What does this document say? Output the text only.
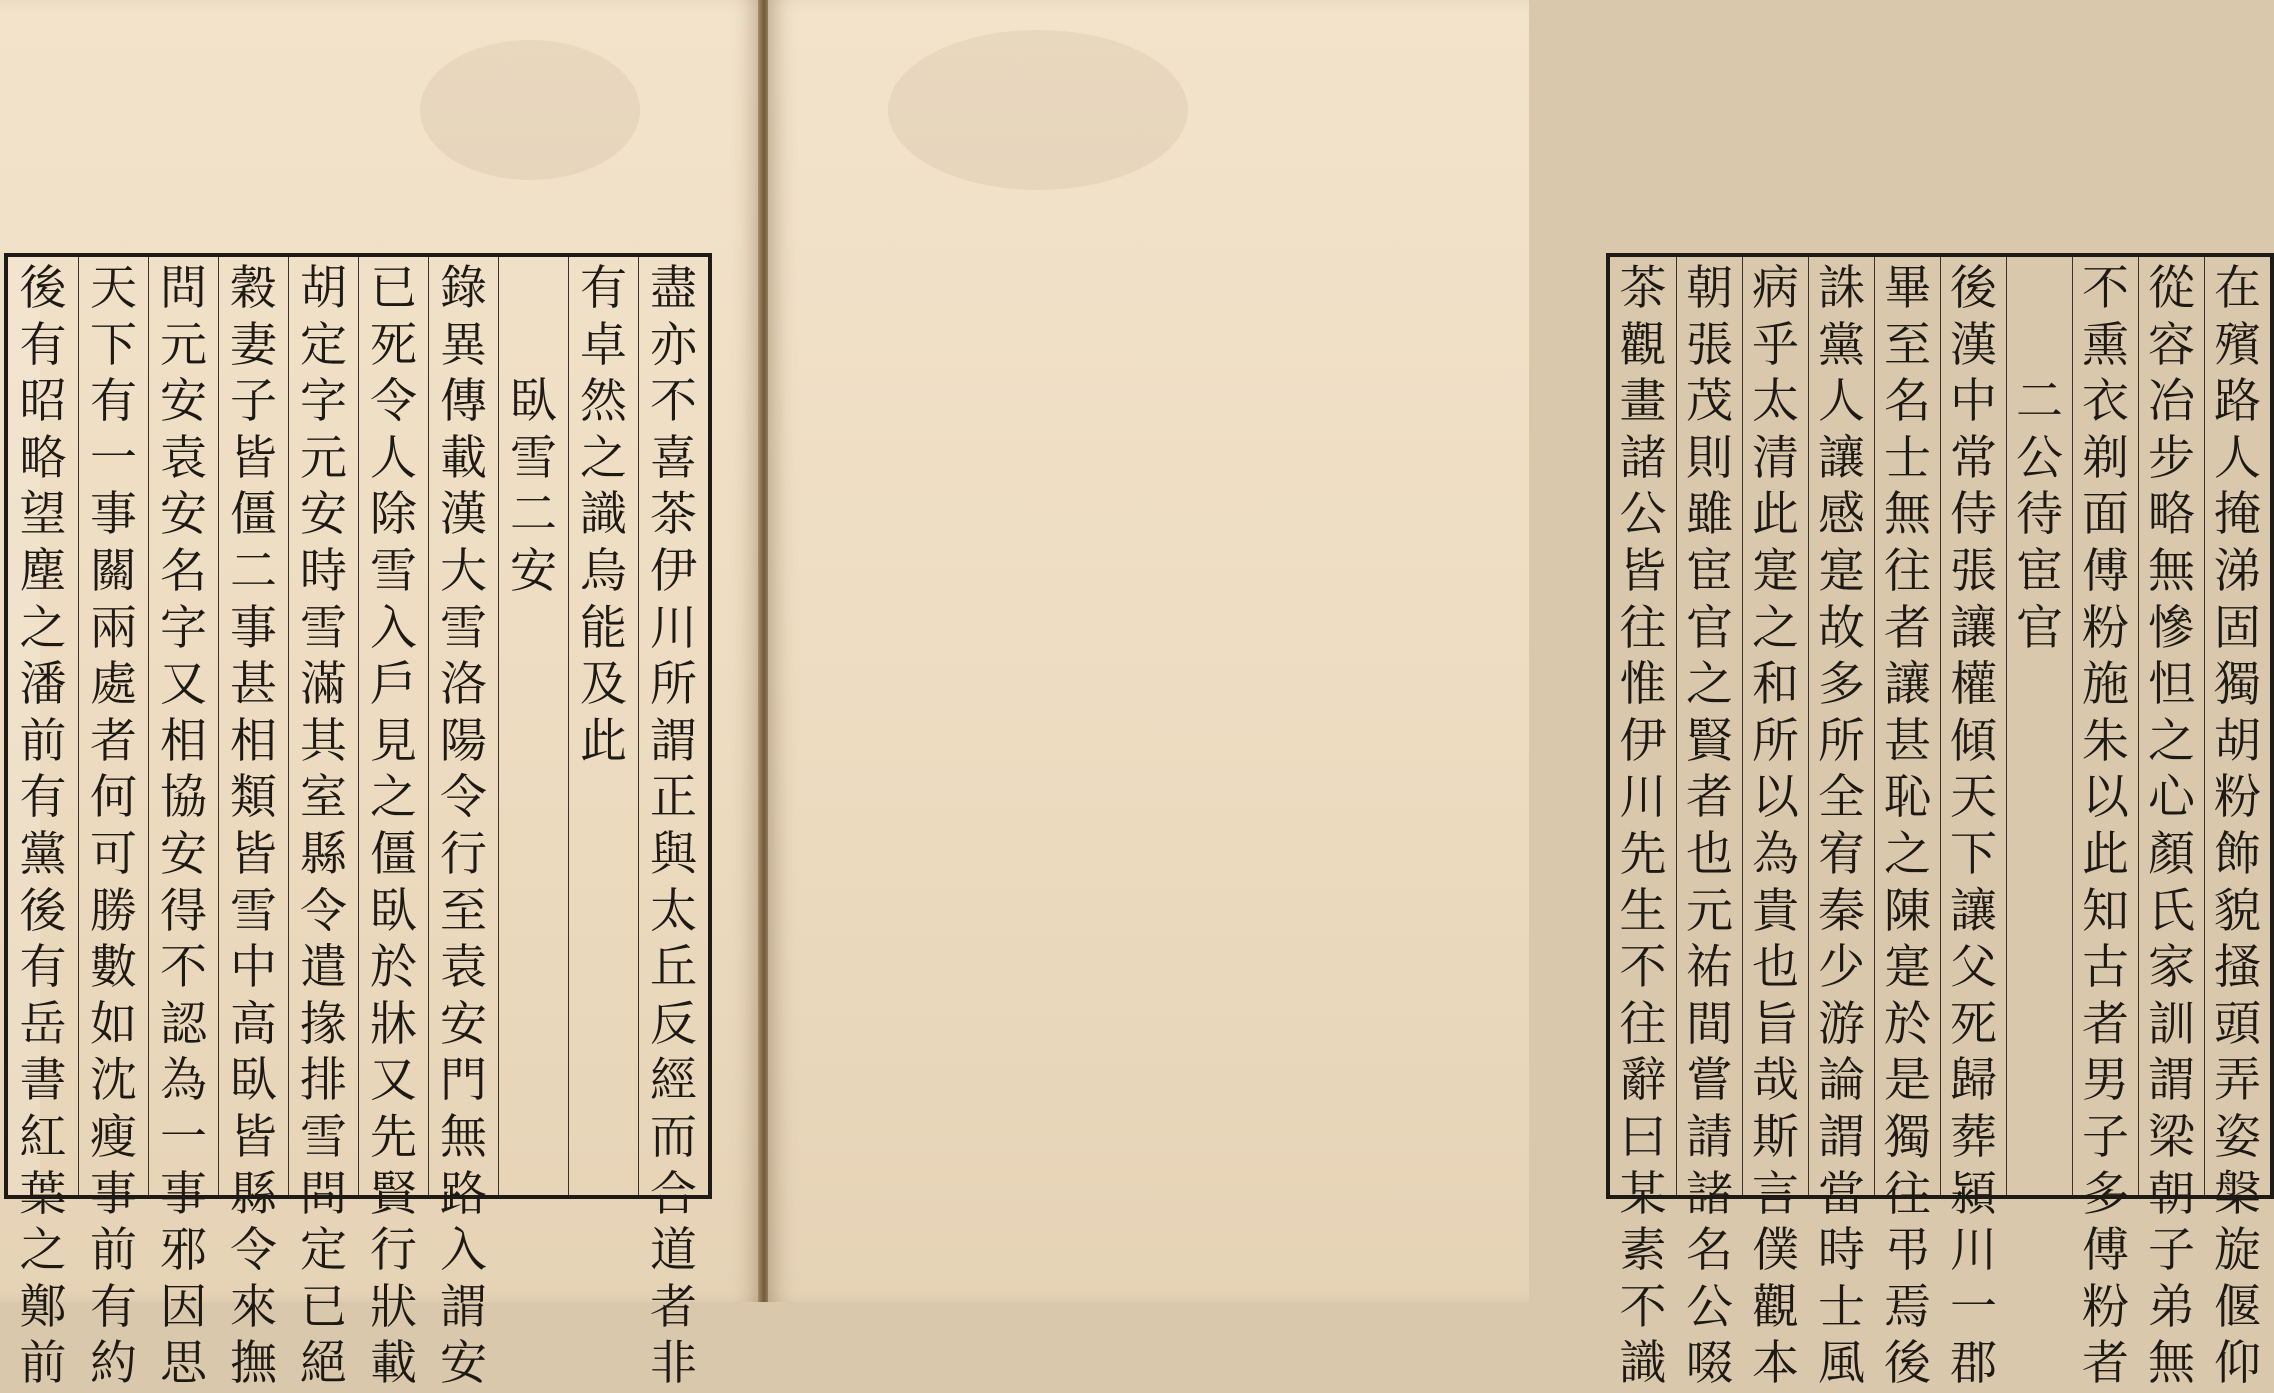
盡
亦
不
喜
茶
伊
川
所
謂
正
與
太
丘
反
經
而
合
道
者
非
有
卓
然
之
識
烏
能
及
此

臥
雪
二
安
錄
異
傳
載
漢
大
雪
洛
陽
令
行
至
袁
安
門
無
路
入
謂
安
已
死
令
人
除
雪
入
戶
見
之
僵
臥
於
牀
又
先
賢
行
狀
載
胡
定
字
元
安
時
雪
滿
其
室
縣
令
遣
掾
排
雪
問
定
已
絕
穀
妻
子
皆
僵
二
事
甚
相
類
皆
雪
中
高
臥
皆
縣
令
來
撫
問
元
安
袁
安
名
字
又
相
協
安
得
不
認
為
一
事
邪
因
思
天
下
有
一
事
關
兩
處
者
何
可
勝
數
如
沈
瘦
事
前
有
約
後
有
昭
略
望
塵
之
潘
前
有
黨
後
有
岳
書
紅
葉
之
鄭
前
在
殯
路
人
掩
涕
固
獨
胡
粉
飾
貌
搔
頭
弄
姿
槃
旋
偃
仰
從
容
冶
步
略
無
慘
怛
之
心
顏
氏
家
訓
謂
梁
朝
子
弟
無
不
熏
衣
剃
面
傅
粉
施
朱
以
此
知
古
者
男
子
多
傅
粉
者

二
公
待
宦
官
後
漢
中
常
侍
張
讓
權
傾
天
下
讓
父
死
歸
葬
潁
川
一
郡
畢
至
名
士
無
往
者
讓
甚
恥
之
陳
寔
於
是
獨
往
弔
焉
後
誅
黨
人
讓
感
寔
故
多
所
全
宥
秦
少
游
論
謂
當
時
士
風
病
乎
太
清
此
寔
之
和
所
以
為
貴
也
旨
哉
斯
言
僕
觀
本
朝
張
茂
則
雖
宦
官
之
賢
者
也
元
祐
間
嘗
請
諸
名
公
啜
茶
觀
畫
諸
公
皆
往
惟
伊
川
先
生
不
往
辭
曰
某
素
不
識
